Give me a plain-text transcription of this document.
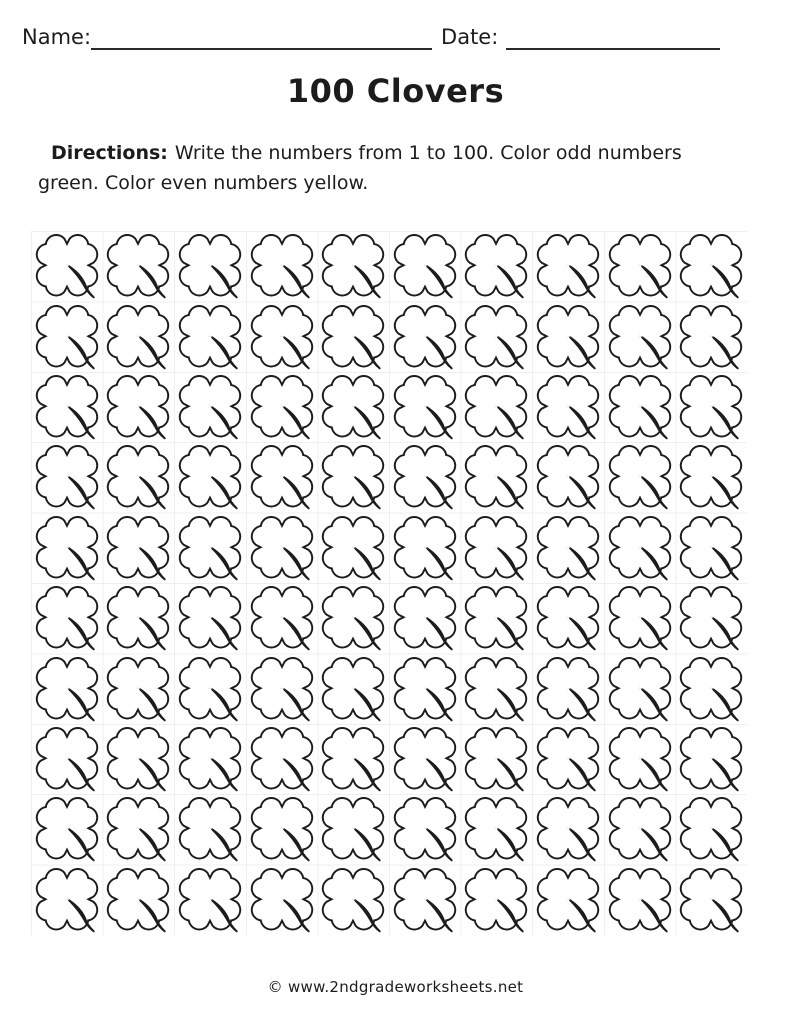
Name:	Date:
100 Clovers

Directions: Write the numbers from 1 to 100. Color odd numbers green. Color even numbers yellow.

© www.2ndgradeworksheets.net
